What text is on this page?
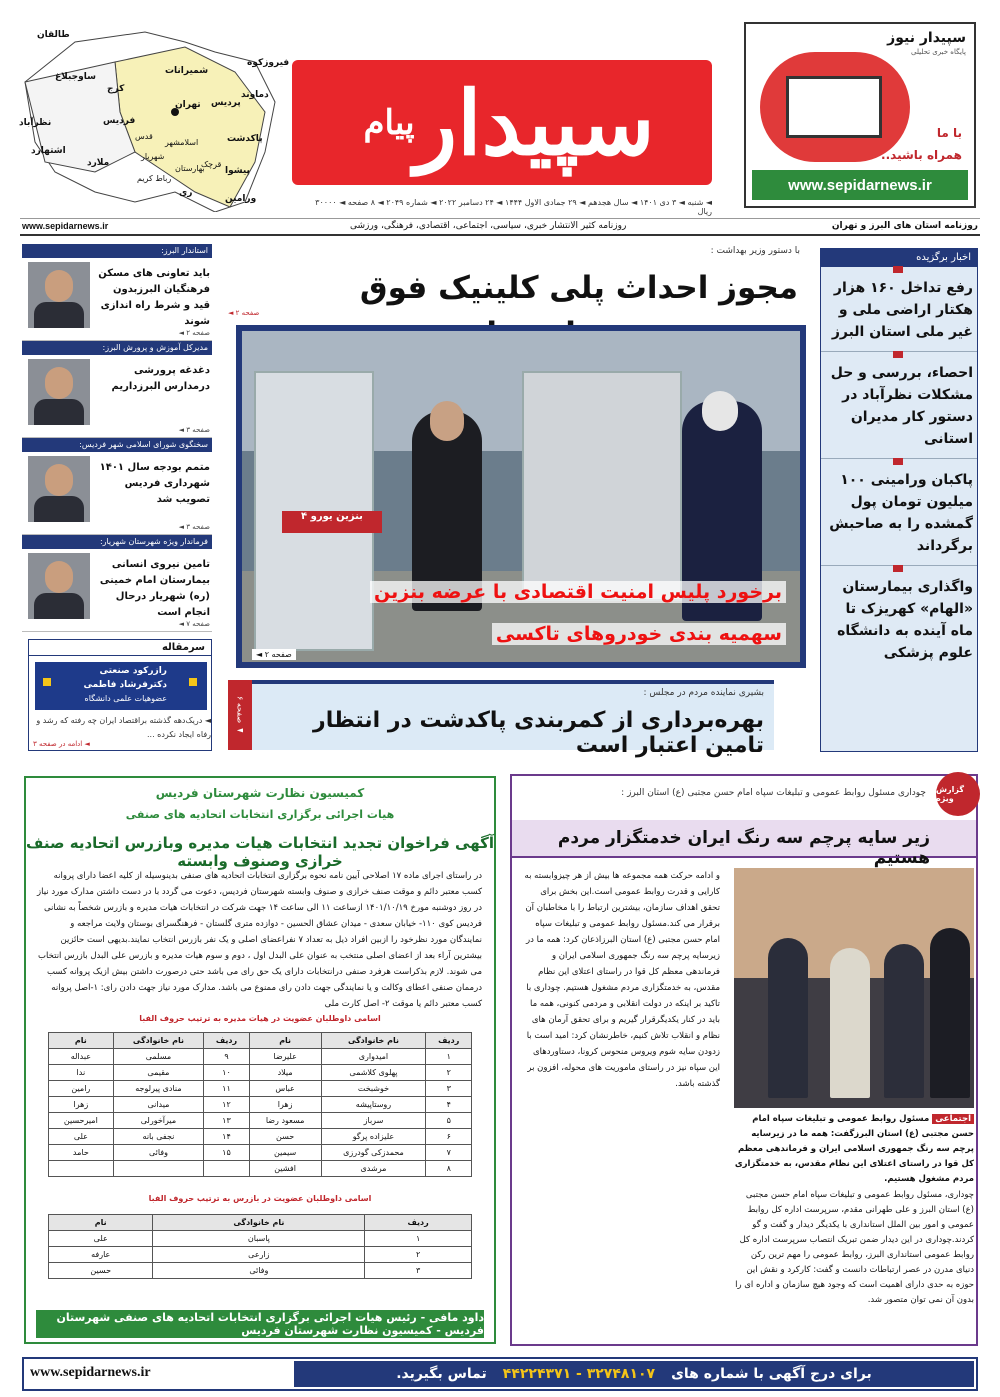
طالقان
فیروزکوه
شمیرانات
ساوجبلاغ
کرج
دماوند
نظرآباد	فردیس
تهران پردیس
پاکدشت
اشتهارد
ملارد
شهریار
قدس
اسلامشهر
ری
ورامین
پیشوا
رباط کریم
قرچک
بهارستان سپیدار
پیام
◄ شنبه ◄ ۳ دی ۱۴۰۱ ◄ سال هجدهم ◄ ۲۹ جمادی الاول ۱۴۴۴ ◄ ۲۴ دسامبر ۲۰۲۲ ◄ شماره ۲۰۴۹ ◄ ۸ صفحه ◄ ۳۰۰۰۰ ریال
سپیدار نیوز
پایگاه خبری تحلیلی
با ما
همراه باشید..
www.sepidarnews.ir
www.sepidarnews.ir	روزنامه کثیر الانتشار خبری، سیاسی، اجتماعی، اقتصادی، فرهنگی، ورزشی	روزنامه استان های البرز و تهران
استاندار البرز:
باید تعاونی های مسکن فرهنگیان البرزبدون قید و شرط راه اندازی شوند
صفحه ۲ ◄
مدیرکل آموزش و پرورش البرز:
دغدغه پرورشی درمدارس البرزداریم
صفحه ۳ ◄
سخنگوی شورای اسلامی شهر فردیس:
متمم بودجه سال ۱۴۰۱ شهرداری فردیس تصویب شد
صفحه ۳ ◄
فرماندار ویژه شهرستان شهریار:
تامین نیروی انسانی بیمارستان امام خمینی (ره) شهریار درحال انجام است
صفحه ۷ ◄
سرمقاله
رازرکود صنعتی
دکترفرشاد فاطمی
عضوهیات علمی دانشگاه
◄ دریک‌دهه گذشته براقتصاد ایران چه رفته که رشد و رفاه ایجاد نکرده ...
◄ ادامه در صفحه ۳
با دستور وزیر بهداشت :
مجوز احداث پلی کلینیک فوق
◄ صفحه ۲
بنزین یورو ۴
برخورد پلیس امنیت اقتصادی با عرضه بنزین
سهمیه بندی خودروهای تاکسی
◄ صفحه ۲
صفحه ۶ ◄
بشیری نماینده مردم در مجلس :
بهره‌برداری از کمربندی پاکدشت در انتظار تامین اعتبار است
اخبار برگزیده
رفع تداخل ۱۶۰ هزار هکتار اراضی ملی و غیر ملی استان البرز
احصاء، بررسی و حل مشکلات نظرآباد در دستور کار مدیران استانی
پاکبان ورامینی ۱۰۰ میلیون تومان پول گمشده را به صاحبش برگرداند
واگذاری بیمارستان «الهام» کهریزک تا ماه آینده به دانشگاه علوم پزشکی
کمیسیون نظارت شهرستان فردیس
هیات اجرائی برگزاری انتخابات اتحادیه های صنفی
آگهی فراخوان تجدید انتخابات هیات مدیره وبازرس اتحادیه صنف خرازی وصنوف وابسته
در راستای اجرای ماده ۱۷ اصلاحی آیین نامه نحوه برگزاری انتخابات اتحادیه های صنفی بدینوسیله از کلیه اعضا دارای پروانه کسب معتبر دائم و موقت صنف خرازی و صنوف وابسته شهرستان فردیس، دعوت می گردد با در دست داشتن مدارک مورد نیاز در روز دوشنبه مورخ ۱۴۰۱/۱۰/۱۹ ازساعت ۱۱ الی ساعت ۱۴ جهت شرکت در انتخابات هیات مدیره و بازرس شخصاً به نشانی فردیس کوی ۱۱۰- خیابان سعدی - میدان عشاق الحسین - دوازده متری گلستان - فرهنگسرای بوستان ولایت مراجعه و نمایندگان مورد نظرخود را ازبین افراد ذیل به تعداد ۷ نفراعضای اصلی و یک نفر بازرس انتخاب نمایند.بدیهی است حائزین بیشترین آراء بعد از اعضای اصلی منتخب به عنوان علی البدل اول ، دوم و سوم هیات مدیره و بازرس علی البدل بازرس انتخاب می شوند. لازم بذکراست هرفرد صنفی درانتخابات دارای یک حق رای می باشد حتی درصورت داشتن بیش ازیک پروانه کسب درممان صنفی اعطای وکالت و یا نمایندگی جهت دادن رای ممنوع می باشد. مدارک مورد نیاز جهت دادن رای: ۱-اصل پروانه کسب معتبر دائم یا موقت ۲- اصل کارت ملی
اسامی داوطلبان عضویت در هیات مدیره به ترتیب حروف الفبا
ردیف	نام خانوادگی	نام	ردیف	نام خانوادگی	نام
۱	امیدواری	علیرضا	۹	مسلمی	عبداله
۲	پهلوی کلاشمی	میلاد	۱۰	مقیمی	ندا
۳	خوشبخت	عباس	۱۱	منادی پیرلوجه	رامین
۴	روستاپیشه	زهرا	۱۲	میدانی	زهرا
۵	سرباز	مسعود رضا	۱۳	میرآخورلی	امیرحسین
۶	علیزاده پرگو	حسن	۱۴	نجفی بانه	علی
۷	محمدزکی گودرزی	سیمین	۱۵	وفائی	حامد
۸	مرشدی	افشین			
اسامی داوطلبان عضویت در بازرس به ترتیب حروف الفبا
ردیف	نام خانوادگی	نام
۱	پاسبان	علی
۲	زارعی	عارفه
۳	وفائی	حسین
داود مافی - رئیس هیات اجرائی برگزاری انتخابات اتحادیه های صنفی شهرستان فردیس - کمیسیون نظارت شهرستان فردیس
گزارش ویژه
چوداری مسئول روابط عمومی و تبلیغات سپاه امام حسن مجتبی (ع) استان البرز :
زیر سایه پرچم سه رنگ ایران خدمتگزار مردم هستیم
و ادامه حرکت همه مجموعه ها بیش از هر چیزوابسته به کارایی و قدرت روابط عمومی است.این بخش برای تحقق اهداف سازمان، بیشترین ارتباط را با مخاطبان آن برقرار می کند.مسئول روابط عمومی و تبلیغات سپاه امام حسن مجتبی (ع) استان البرزاذعان کرد: همه ما در زیرسایه پرچم سه رنگ جمهوری اسلامی ایران و فرماندهی معظم کل قوا در راستای اعتلای این نظام مقدس، به خدمتگزاری مردم مشغول هستیم. چوداری با تاکید بر اینکه در دولت انقلابی و مردمی کنونی، همه ما باید در کنار یکدیگرقرار گیریم و برای تحقق آرمان های نظام و انقلاب تلاش کنیم، خاطرنشان کرد: امید است با زدودن سایه شوم ویروس منحوس کرونا، دستاوردهای این سپاه نیز در راستای ماموریت های محوله، افزون بر گذشته باشد.
اجتماعی مسئول روابط عمومی و تبلیغات سپاه امام حسن مجتبی (ع) استان البرزگفت: همه ما در زیرسایه پرچم سه رنگ جمهوری اسلامی ایران و فرماندهی معظم کل قوا در راستای اعتلای این نظام مقدس، به خدمتگزاری مردم مشغول هستیم.
چوداری، مسئول روابط عمومی و تبلیغات سپاه امام حسن مجتبی (ع) استان البرز و علی طهرانی مقدم، سرپرست اداره کل روابط عمومی و امور بین الملل استانداری با یکدیگر دیدار و گفت و گو کردند.چوداری در این دیدار ضمن تبریک انتصاب سرپرست اداره کل روابط عمومی استانداری البرز، روابط عمومی را مهم ترین رکن دنیای مدرن در عصر ارتباطات دانست و گفت: کارکرد و نقش این حوزه به حدی دارای اهمیت است که وجود هیچ سازمان و اداره ای را بدون آن نمی توان متصور شد.
www.sepidarnews.ir	برای درج آگهی با شماره های
۳۲۷۴۸۱۰۷ - ۴۴۲۲۴۳۷۱
تماس بگیرید.
